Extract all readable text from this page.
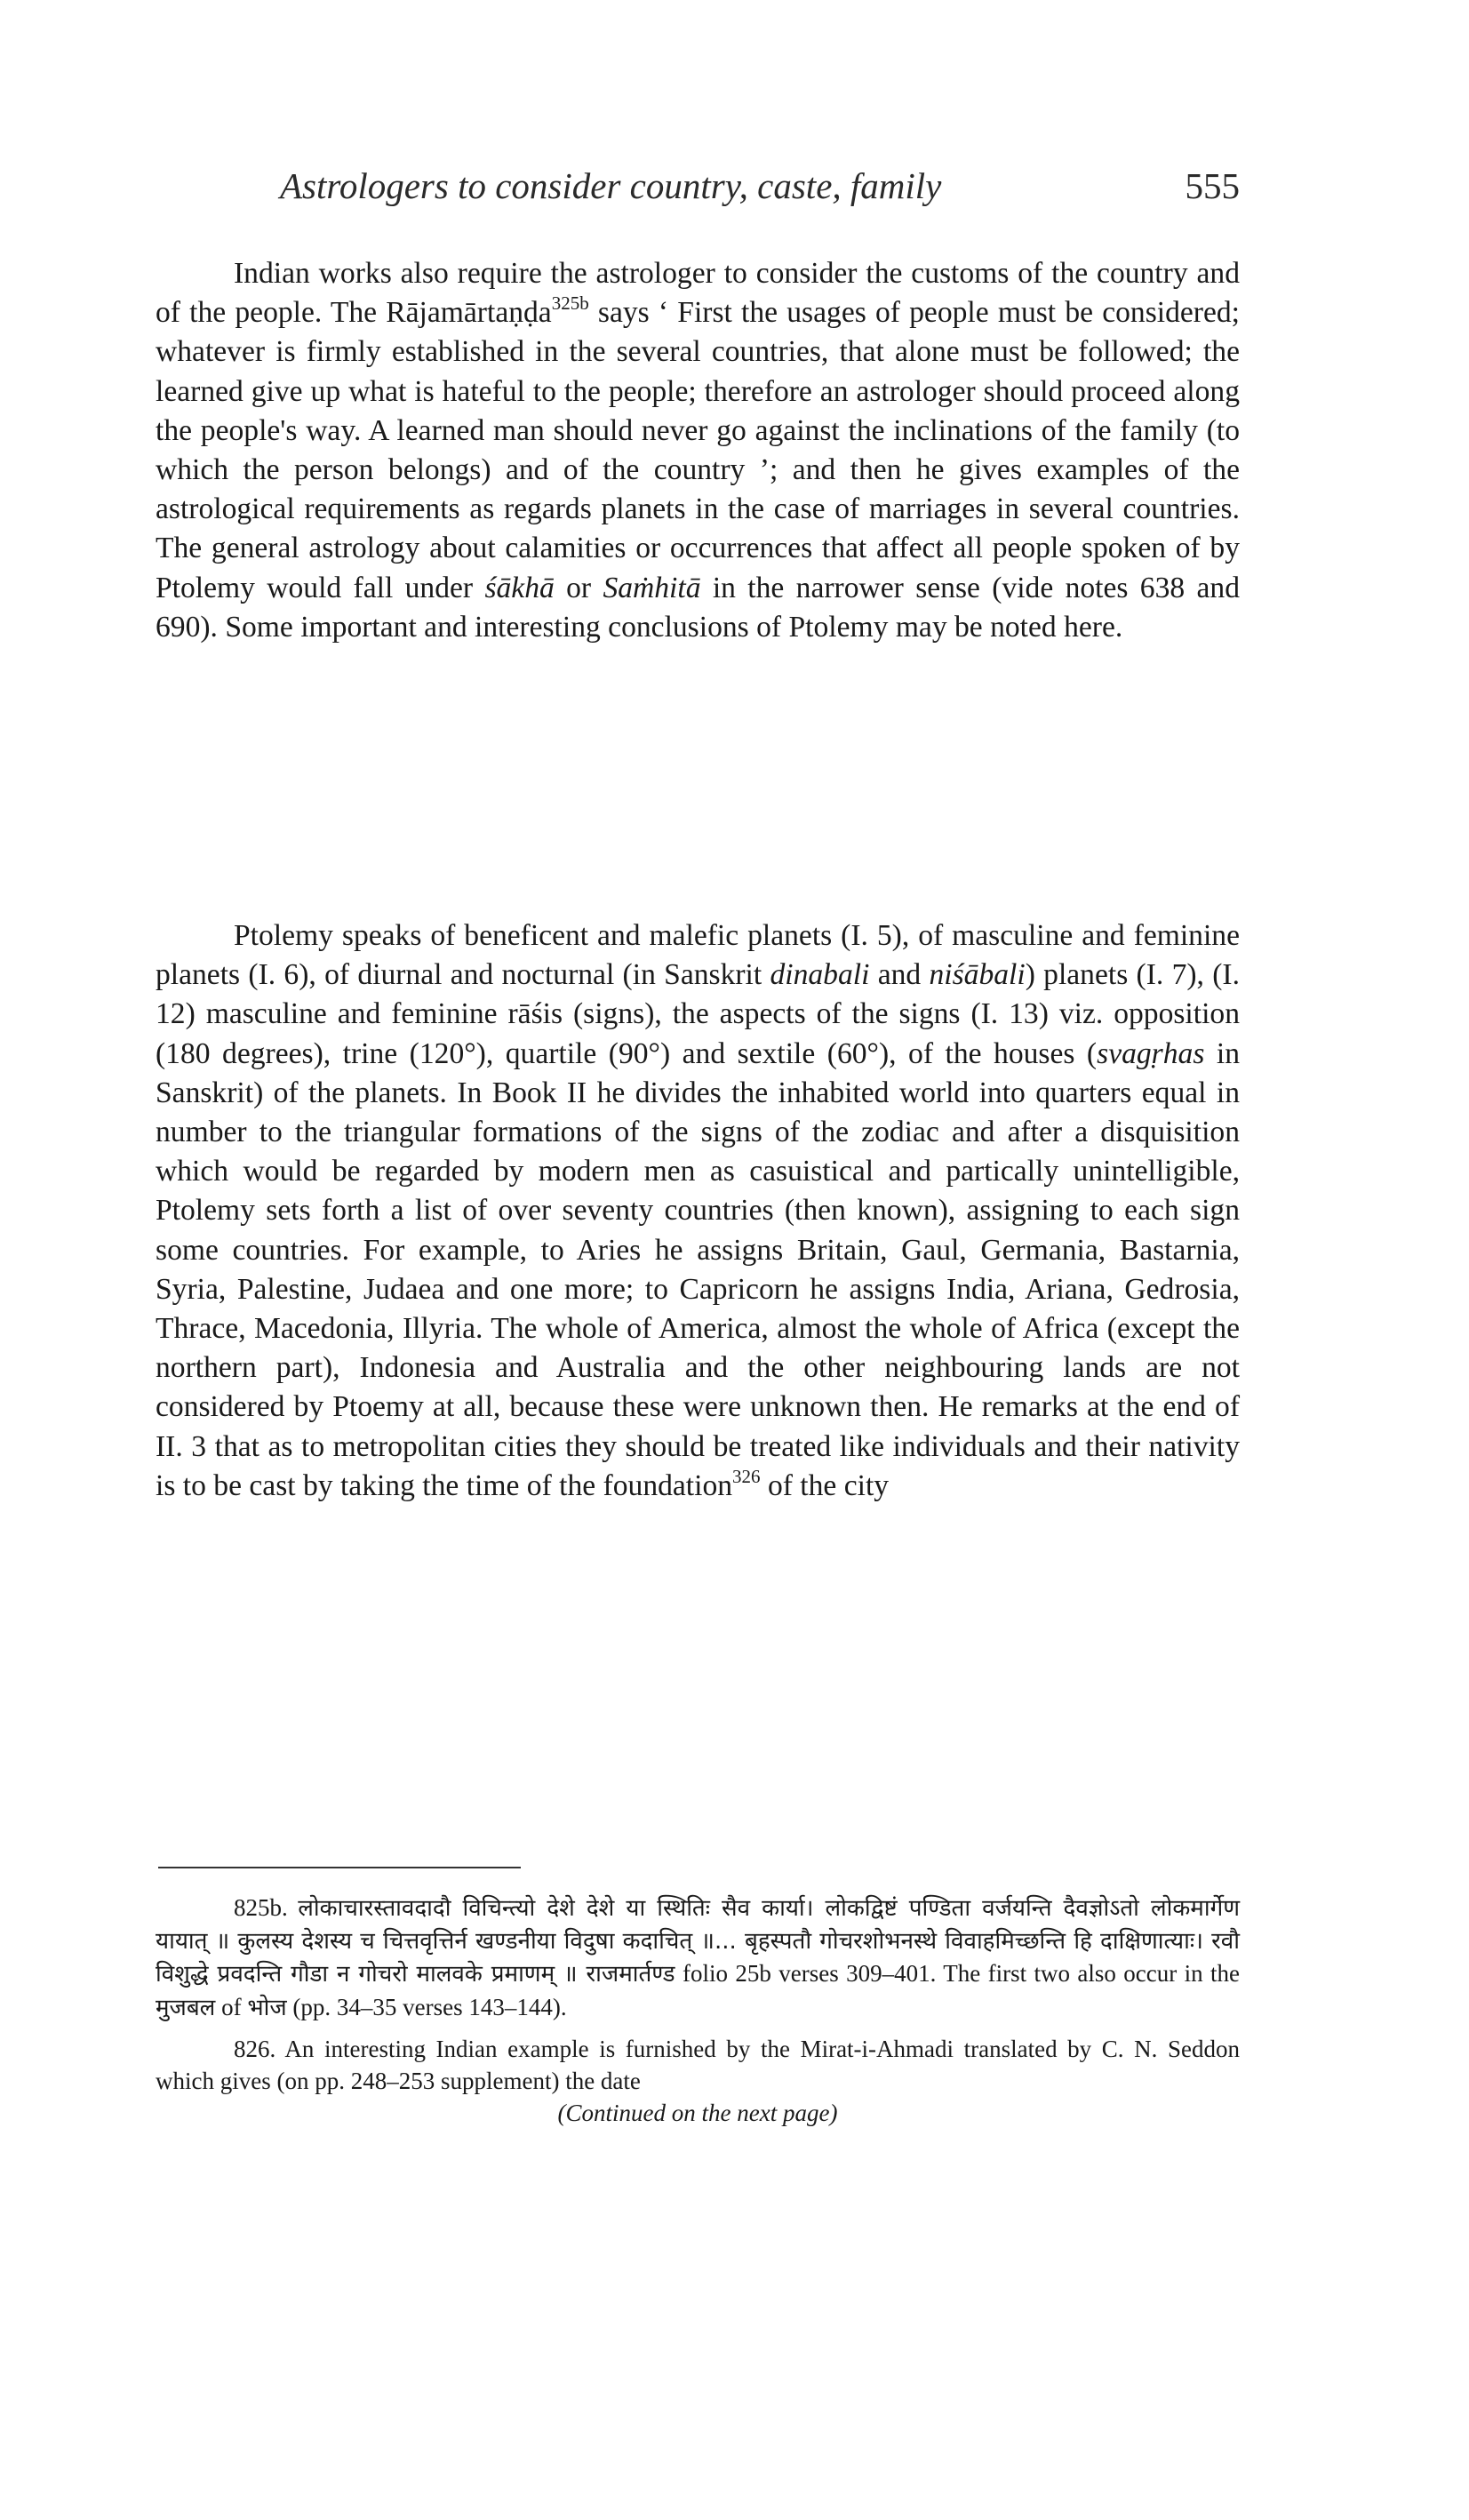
Astrologers to consider country, caste, family	555

Indian works also require the astrologer to consider the customs of the country and of the people. The Rājamārtaṇḍa$^{325b}$ says ‘ First the usages of people must be considered; whatever is firmly established in the several countries, that alone must be followed; the learned give up what is hateful to the people; therefore an astrologer should proceed along the people's way. A learned man should never go against the inclinations of the family (to which the person belongs) and of the country ’; and then he gives examples of the astrological requirements as regards planets in the case of marriages in several countries. The general astrology about calamities or occurrences that affect all people spoken of by Ptolemy would fall under śākhā or Saṁhitā in the narrower sense (vide notes 638 and 690). Some important and interesting conclusions of Ptolemy may be noted here.

Ptolemy speaks of beneficent and malefic planets (I. 5), of masculine and feminine planets (I. 6), of diurnal and nocturnal (in Sanskrit dinabali and niśābali) planets (I. 7), (I. 12) masculine and feminine rāśis (signs), the aspects of the signs (I. 13) viz. opposition (180 degrees), trine (120°), quartile (90°) and sextile (60°), of the houses (svagṛhas in Sanskrit) of the planets. In Book II he divides the inhabited world into quarters equal in number to the triangular formations of the signs of the zodiac and after a disquisition which would be regarded by modern men as casuistical and partically unintelligible, Ptolemy sets forth a list of over seventy countries (then known), assigning to each sign some countries. For example, to Aries he assigns Britain, Gaul, Germania, Bastarnia, Syria, Palestine, Judaea and one more; to Capricorn he assigns India, Ariana, Gedrosia, Thrace, Macedonia, Illyria. The whole of America, almost the whole of Africa (except the northern part), Indonesia and Australia and the other neighbouring lands are not considered by Ptoemy at all, because these were unknown then. He remarks at the end of II. 3 that as to metropolitan cities they should be treated like individuals and their nativity is to be cast by taking the time of the foundation$^{326}$ of the city

825b. लोकाचारस्तावदादौ विचिन्त्यो देशे देशे या स्थितिः सैव कार्या। लोकद्विष्टं पण्डिता वर्जयन्ति दैवज्ञोऽतो लोकमार्गेण यायात् ॥ कुलस्य देशस्य च चित्तवृत्तिर्न खण्डनीया विदुषा कदाचित् ॥... बृहस्पतौ गोचरशोभनस्थे विवाहमिच्छन्ति हि दाक्षिणात्याः। रवौ विशुद्धे प्रवदन्ति गौडा न गोचरो मालवके प्रमाणम् ॥ राजमार्तण्ड folio 25b verses 309–401. The first two also occur in the मुजबल of भोज (pp. 34–35 verses 143–144).

826. An interesting Indian example is furnished by the Mirat-i-Ahmadi translated by C. N. Seddon which gives (on pp. 248–253 supplement) the date

(Continued on the next page)
